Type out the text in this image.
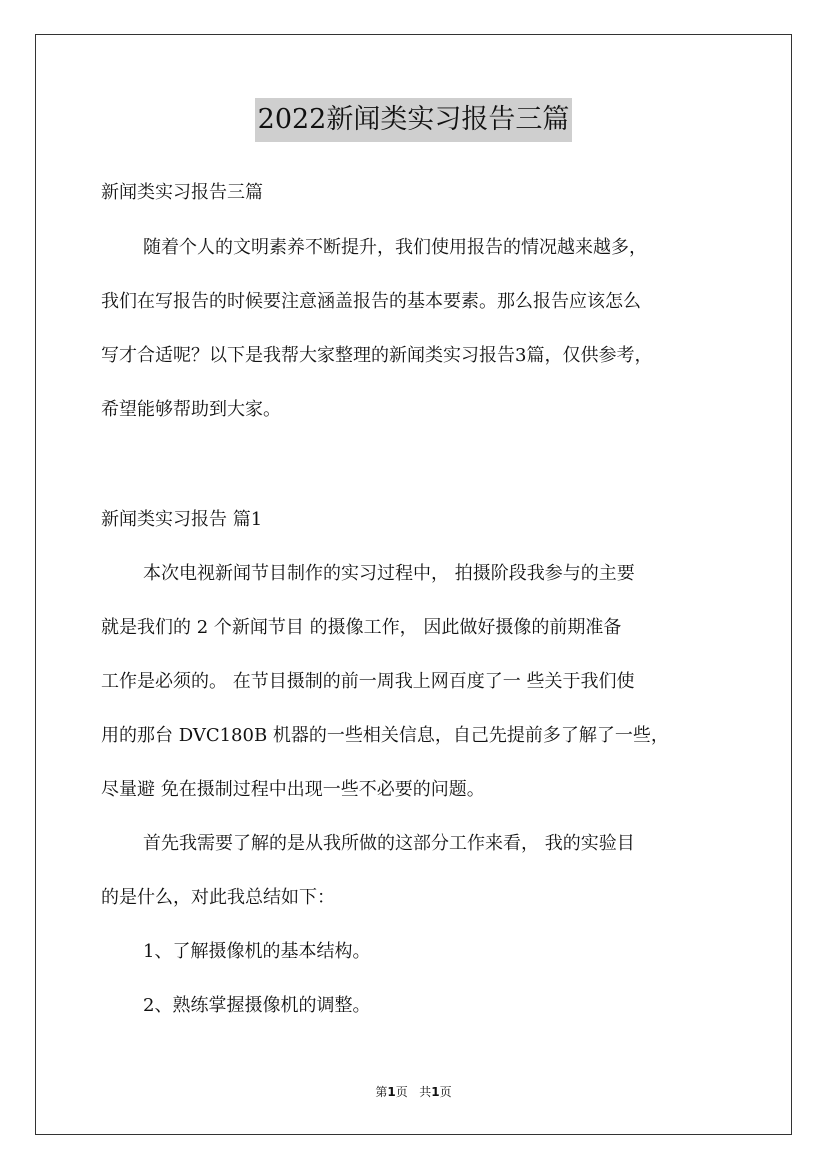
2022新闻类实习报告三篇
新闻类实习报告三篇
随着个人的文明素养不断提升，我们使用报告的情况越来越多，
我们在写报告的时候要注意涵盖报告的基本要素。那么报告应该怎么
写才合适呢？以下是我帮大家整理的新闻类实习报告3篇，仅供参考，
希望能够帮助到大家。
新闻类实习报告 篇1
本次电视新闻节目制作的实习过程中， 拍摄阶段我参与的主要
就是我们的 2 个新闻节目 的摄像工作， 因此做好摄像的前期准备
工作是必须的。 在节目摄制的前一周我上网百度了一 些关于我们使
用的那台 DVC180B 机器的一些相关信息，自己先提前多了解了一些，
尽量避 免在摄制过程中出现一些不必要的问题。
首先我需要了解的是从我所做的这部分工作来看， 我的实验目
的是什么，对此我总结如下：
1、了解摄像机的基本结构。
2、熟练掌握摄像机的调整。
第1页 共1页
